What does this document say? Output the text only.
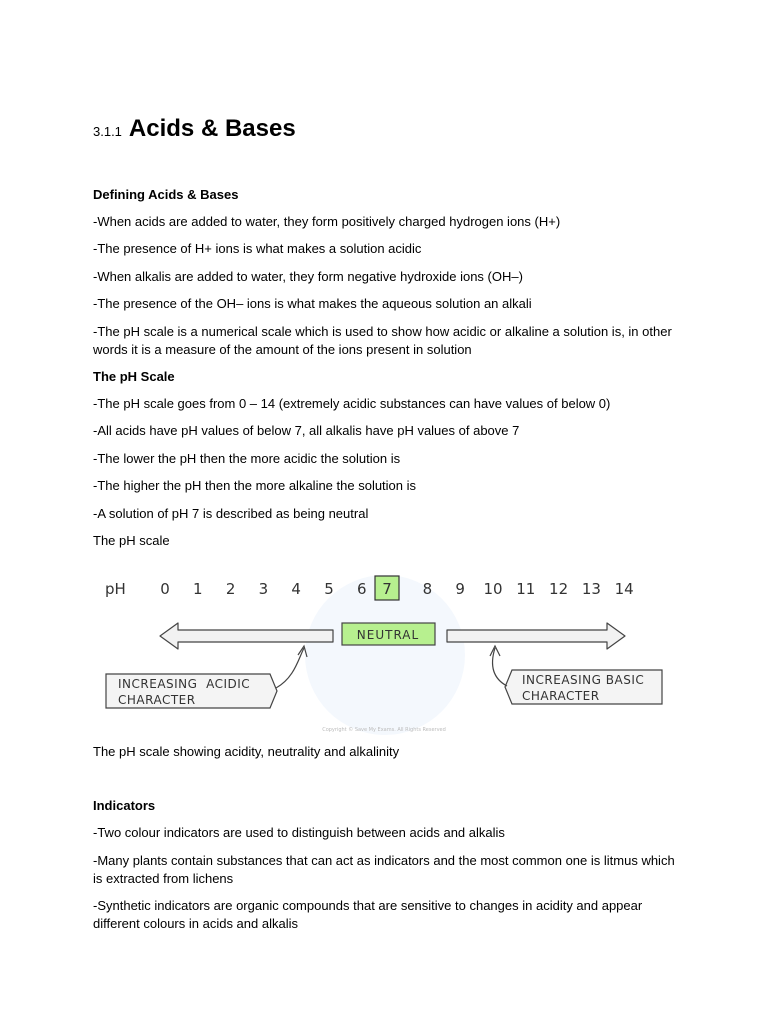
3.1.1 Acids & Bases
Defining Acids & Bases
-When acids are added to water, they form positively charged hydrogen ions (H+)
-The presence of H+ ions is what makes a solution acidic
-When alkalis are added to water, they form negative hydroxide ions (OH–)
-The presence of the OH– ions is what makes the aqueous solution an alkali
-The pH scale is a numerical scale which is used to show how acidic or alkaline a solution is, in other words it is a measure of the amount of the ions present in solution
The pH Scale
-The pH scale goes from 0 – 14 (extremely acidic substances can have values of below 0)
-All acids have pH values of below 7, all alkalis have pH values of above 7
-The lower the pH then the more acidic the solution is
-The higher the pH then the more alkaline the solution is
-A solution of pH 7 is described as being neutral
The pH scale
pH 0 1 2 3 4 5 6	8 9 10 11 12 13 14
7
NEUTRAL
INCREASING  ACIDIC
CHARACTER
INCREASING BASIC
CHARACTER
Copyright © Save My Exams. All Rights Reserved
The pH scale showing acidity, neutrality and alkalinity
Indicators
-Two colour indicators are used to distinguish between acids and alkalis
-Many plants contain substances that can act as indicators and the most common one is litmus which is extracted from lichens
-Synthetic indicators are organic compounds that are sensitive to changes in acidity and appear different colours in acids and alkalis
